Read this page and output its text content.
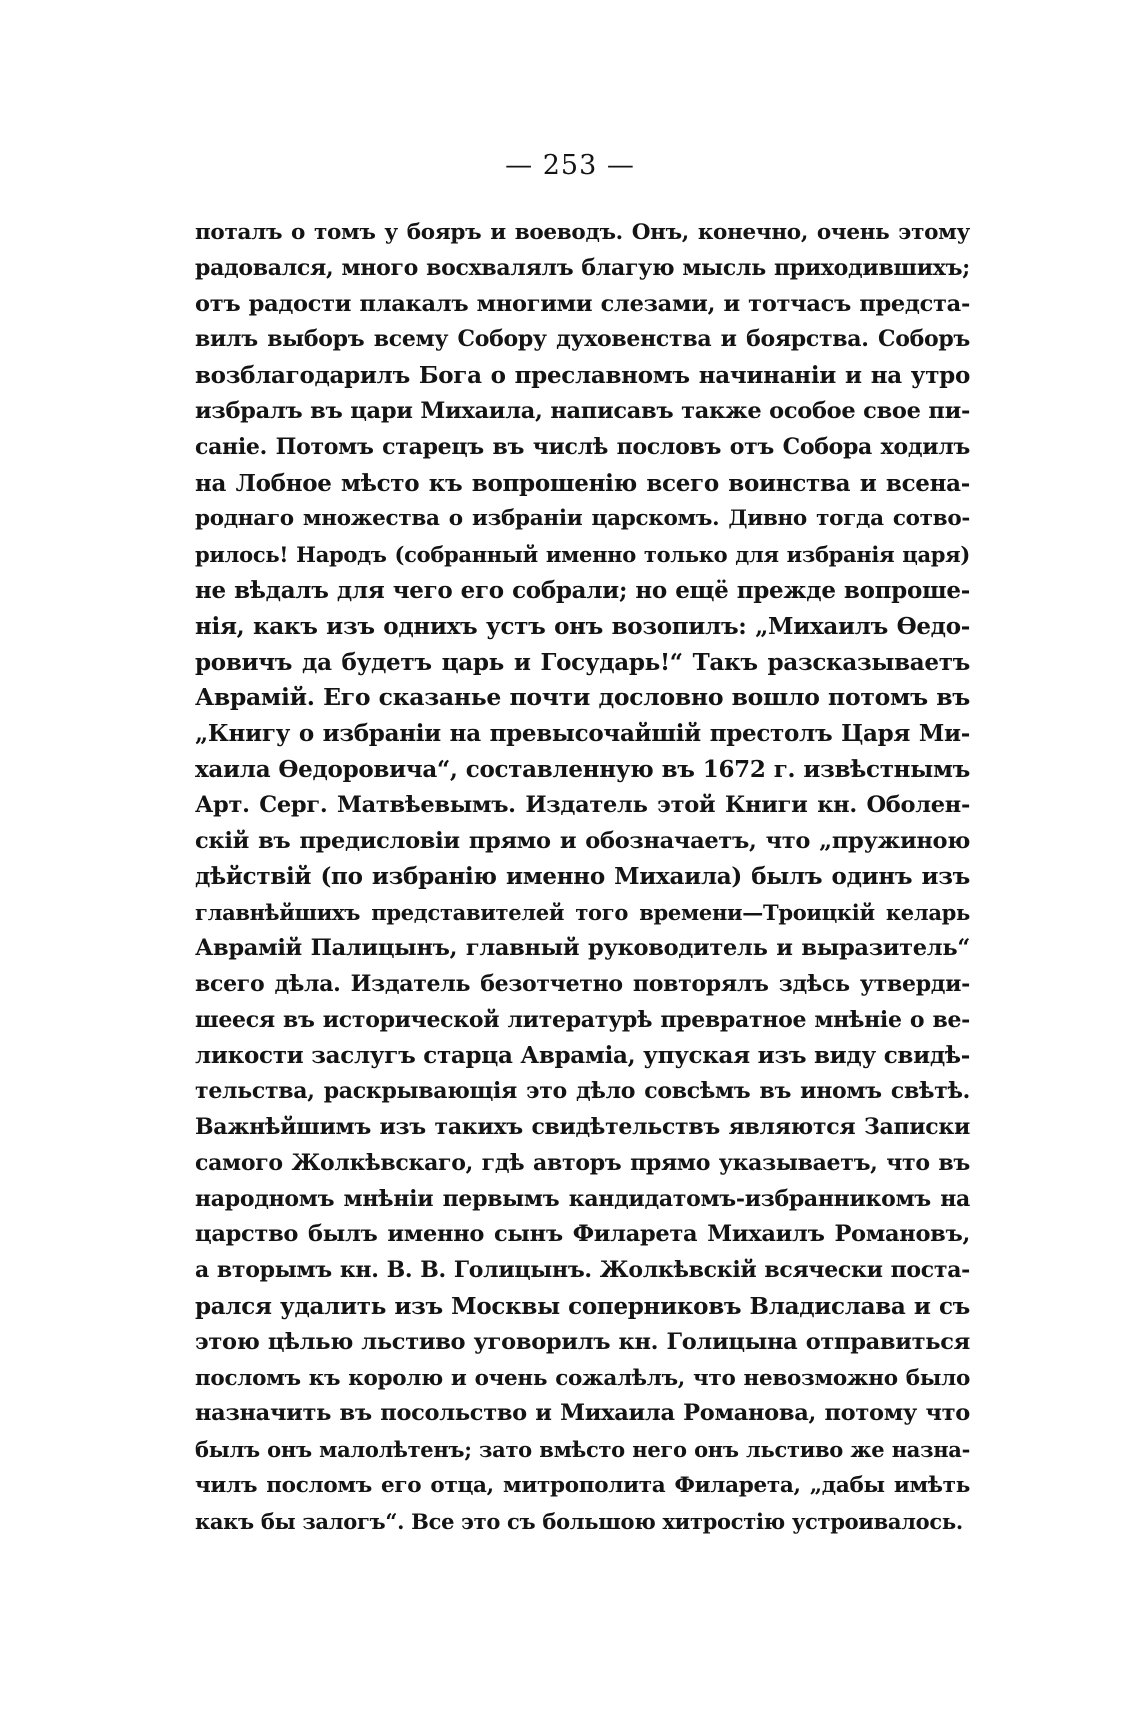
— 253 —
поталъ о томъ у бояръ и воеводъ. Онъ, конечно, очень этому
радовался, много восхвалялъ благую мысль приходившихъ;
отъ радости плакалъ многими слезами, и тотчасъ предста-
вилъ выборъ всему Собору духовенства и боярства. Соборъ
возблагодарилъ Бога о преславномъ начинаніи и на утро
избралъ въ цари Михаила, написавъ также особое свое пи-
саніе. Потомъ старецъ въ числѣ пословъ отъ Собора ходилъ
на Лобное мѣсто къ вопрошенію всего воинства и всена-
роднаго множества о избраніи царскомъ. Дивно тогда сотво-
рилось! Народъ (собранный именно только для избранія царя)
не вѣдалъ для чего его собрали; но ещё прежде вопроше-
нія, какъ изъ однихъ устъ онъ возопилъ: „Михаилъ Ѳедо-
ровичъ да будетъ царь и Государь!“ Такъ разсказываетъ
Аврамій. Его сказанье почти дословно вошло потомъ въ
„Книгу о избраніи на превысочайшій престолъ Царя Ми-
хаила Ѳедоровича“, составленную въ 1672 г. извѣстнымъ
Арт. Серг. Матвѣевымъ. Издатель этой Книги кн. Оболен-
скій въ предисловіи прямо и обозначаетъ, что „пружиною
дѣйствій (по избранію именно Михаила) былъ одинъ изъ
главнѣйшихъ представителей того времени—Троицкій келарь
Аврамій Палицынъ, главный руководитель и выразитель“
всего дѣла. Издатель безотчетно повторялъ здѣсь утверди-
шееся въ исторической литературѣ превратное мнѣніе о ве-
ликости заслугъ старца Авраміа, упуская изъ виду свидѣ-
тельства, раскрывающія это дѣло совсѣмъ въ иномъ свѣтѣ.
Важнѣйшимъ изъ такихъ свидѣтельствъ являются Записки
самого Жолкѣвскаго, гдѣ авторъ прямо указываетъ, что въ
народномъ мнѣніи первымъ кандидатомъ-избранникомъ на
царство былъ именно сынъ Филарета Михаилъ Романовъ,
а вторымъ кн. В. В. Голицынъ. Жолкѣвскій всячески поста-
рался удалить изъ Москвы соперниковъ Владислава и съ
этою цѣлью льстиво уговорилъ кн. Голицына отправиться
посломъ къ королю и очень сожалѣлъ, что невозможно было
назначить въ посольство и Михаила Романова, потому что
былъ онъ малолѣтенъ; зато вмѣсто него онъ льстиво же назна-
чилъ посломъ его отца, митрополита Филарета, „дабы имѣть
какъ бы залогъ“. Все это съ большою хитростію устроивалось.
